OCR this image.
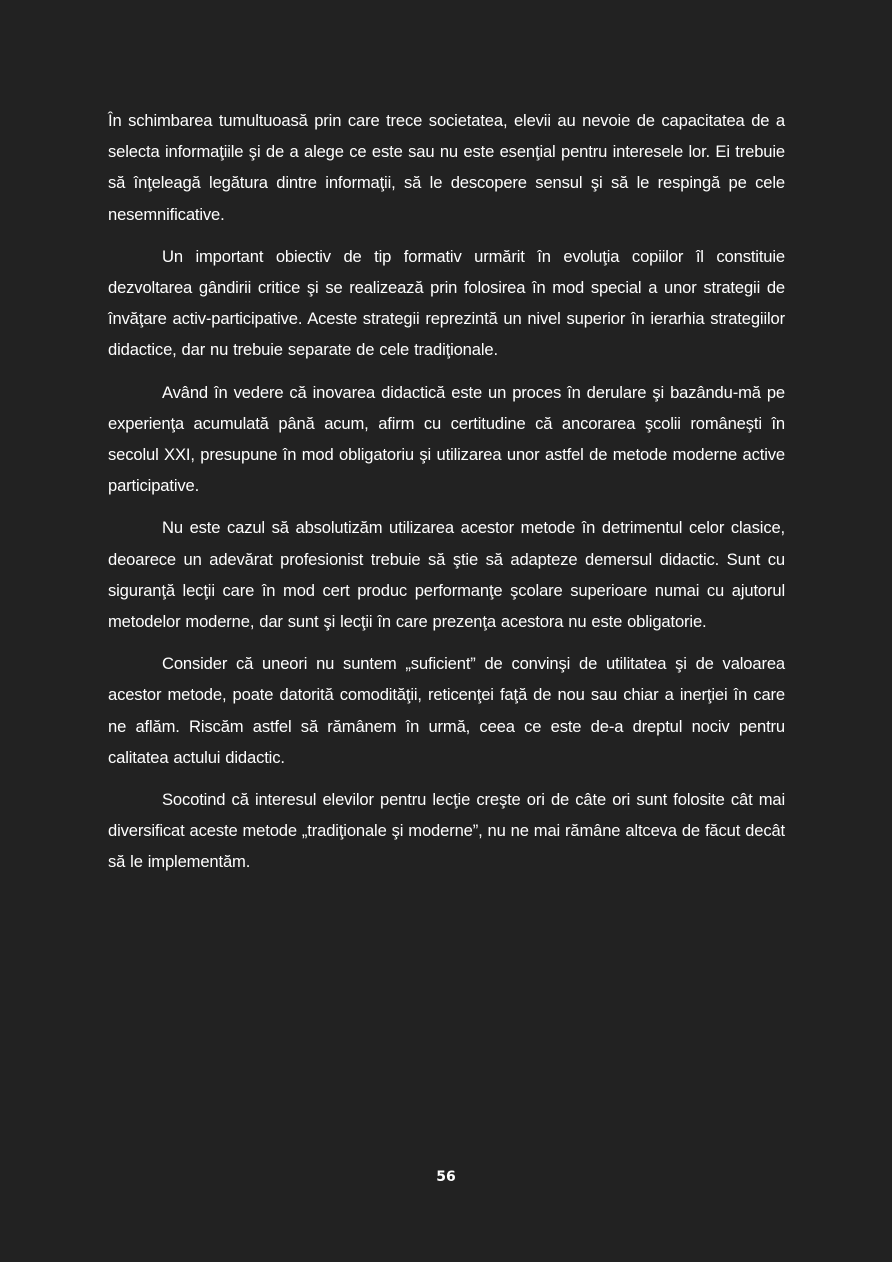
În schimbarea tumultuoasă prin care trece societatea, elevii au nevoie de capacitatea de a selecta informaţiile şi de a alege ce este sau nu este esenţial pentru interesele lor. Ei trebuie să înţeleagă legătura dintre informaţii, să le descopere sensul şi să le respingă pe cele nesemnificative.

Un important obiectiv de tip formativ urmărit în evoluţia copiilor îl constituie dezvoltarea gândirii critice şi se realizează prin folosirea în mod special a unor strategii de învăţare activ-participative. Aceste strategii reprezintă un nivel superior în ierarhia strategiilor didactice, dar nu trebuie separate de cele tradiţionale.

Având în vedere că inovarea didactică este un proces în derulare şi bazându-mă pe experienţa acumulată până acum, afirm cu certitudine că ancorarea şcolii româneşti în secolul XXI, presupune în mod obligatoriu şi utilizarea unor astfel de metode moderne active participative.

Nu este cazul să absolutizăm utilizarea acestor metode în detrimentul celor clasice, deoarece un adevărat profesionist trebuie să ştie să adapteze demersul didactic. Sunt cu siguranţă lecţii care în mod cert produc performanţe şcolare superioare numai cu ajutorul metodelor moderne, dar sunt şi lecţii în care prezenţa acestora nu este obligatorie.

Consider că uneori nu suntem „suficient” de convinşi de utilitatea şi de valoarea acestor metode, poate datorită comodităţii, reticenţei faţă de nou sau chiar a inerţiei în care ne aflăm. Riscăm astfel să rămânem în urmă, ceea ce este de-a dreptul nociv pentru calitatea actului didactic.

Socotind că interesul elevilor pentru lecţie creşte ori de câte ori sunt folosite cât mai diversificat aceste metode „tradiţionale şi moderne”, nu ne mai rămâne altceva de făcut decât să le implementăm.

56
